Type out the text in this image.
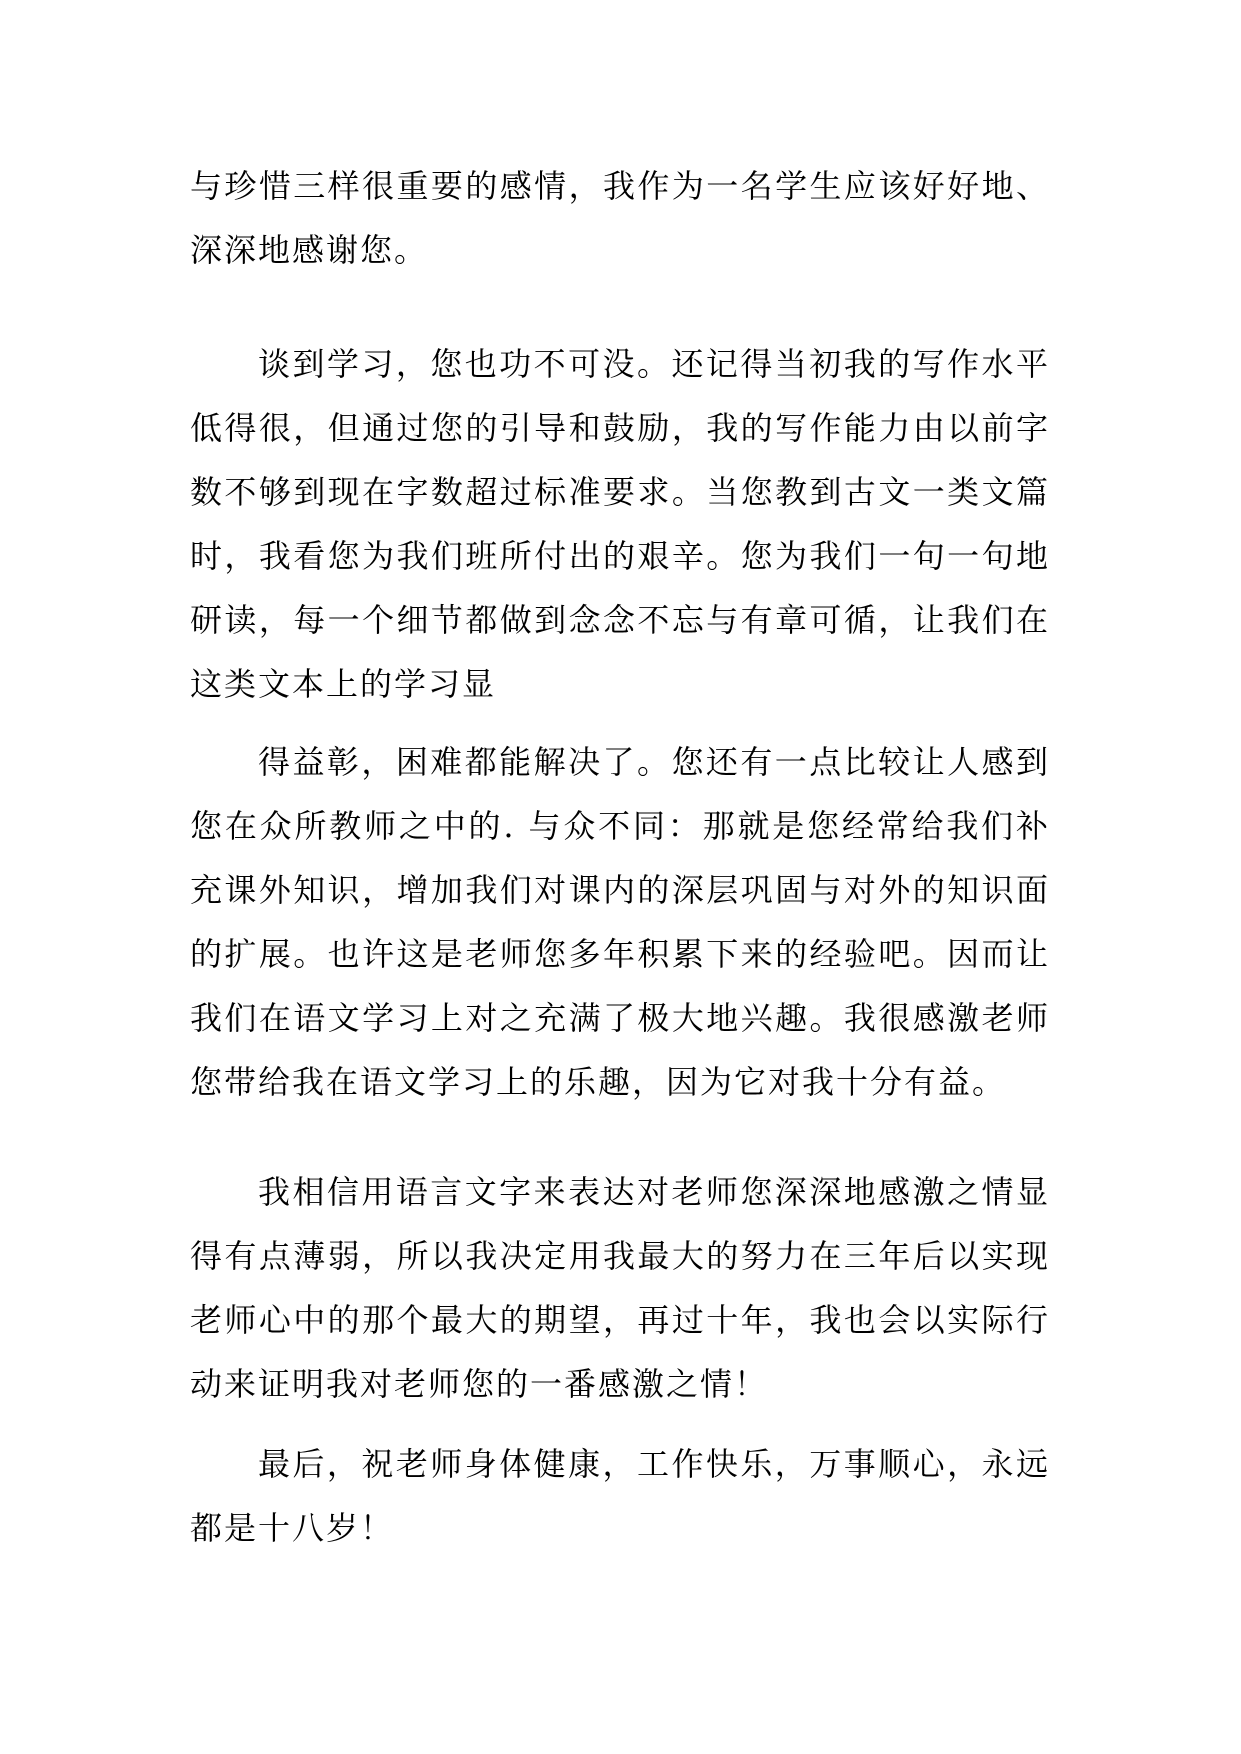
与珍惜三样很重要的感情，我作为一名学生应该好好地、深深地感谢您。

谈到学习，您也功不可没。还记得当初我的写作水平低得很，但通过您的引导和鼓励，我的写作能力由以前字数不够到现在字数超过标准要求。当您教到古文一类文篇时，我看您为我们班所付出的艰辛。您为我们一句一句地研读，每一个细节都做到念念不忘与有章可循，让我们在这类文本上的学习显

得益彰，困难都能解决了。您还有一点比较让人感到您在众所教师之中的. 与众不同：那就是您经常给我们补充课外知识，增加我们对课内的深层巩固与对外的知识面的扩展。也许这是老师您多年积累下来的经验吧。因而让我们在语文学习上对之充满了极大地兴趣。我很感激老师您带给我在语文学习上的乐趣，因为它对我十分有益。

我相信用语言文字来表达对老师您深深地感激之情显得有点薄弱，所以我决定用我最大的努力在三年后以实现老师心中的那个最大的期望，再过十年，我也会以实际行动来证明我对老师您的一番感激之情！

最后，祝老师身体健康，工作快乐，万事顺心，永远都是十八岁！
